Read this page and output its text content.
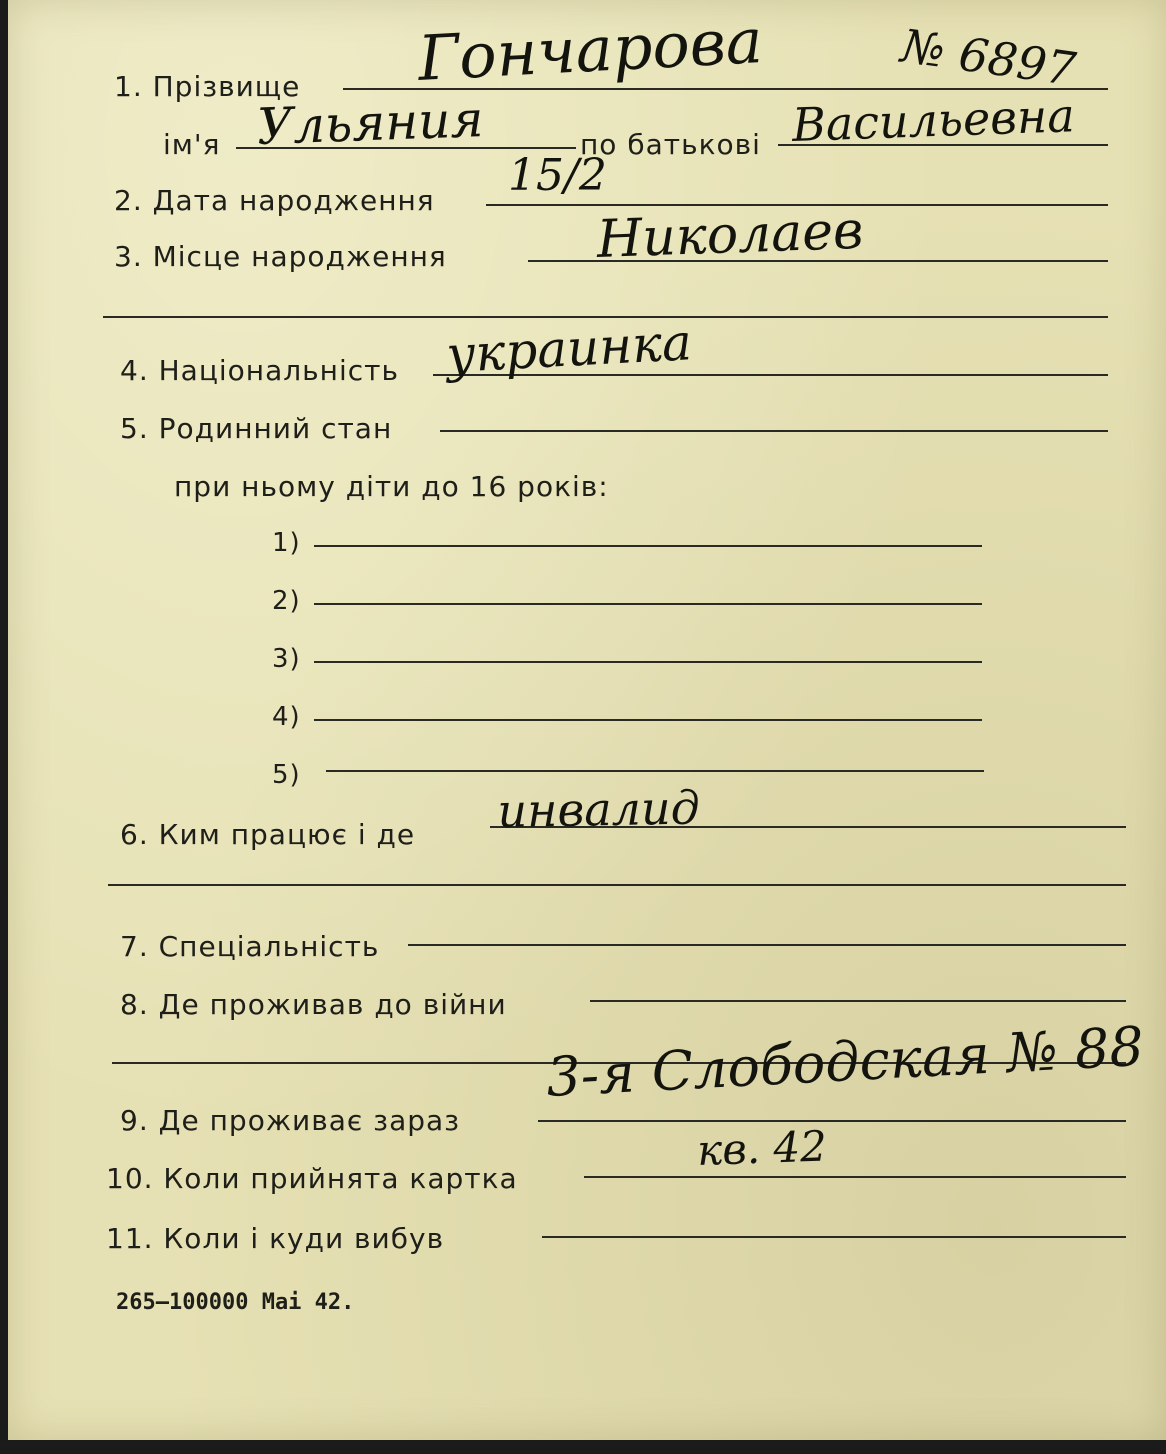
№ 6897
1. Прізвище Гончарова
ім'я Ульяния	по батькові Васильевна
2. Дата народження 15/2
3. Місце народження	Николаев
4. Національність украинка
5. Родинний стан
при ньому діти до 16 років:
1)
2)
3)
4)
5)
6. Ким працює і де инвалид
7. Спеціальність
8. Де проживав до війни
9. Де проживає зараз
3-я Слободская № 88
10. Коли прийнята картка
кв. 42
11. Коли і куди вибув
265—100000 Mai 42.
